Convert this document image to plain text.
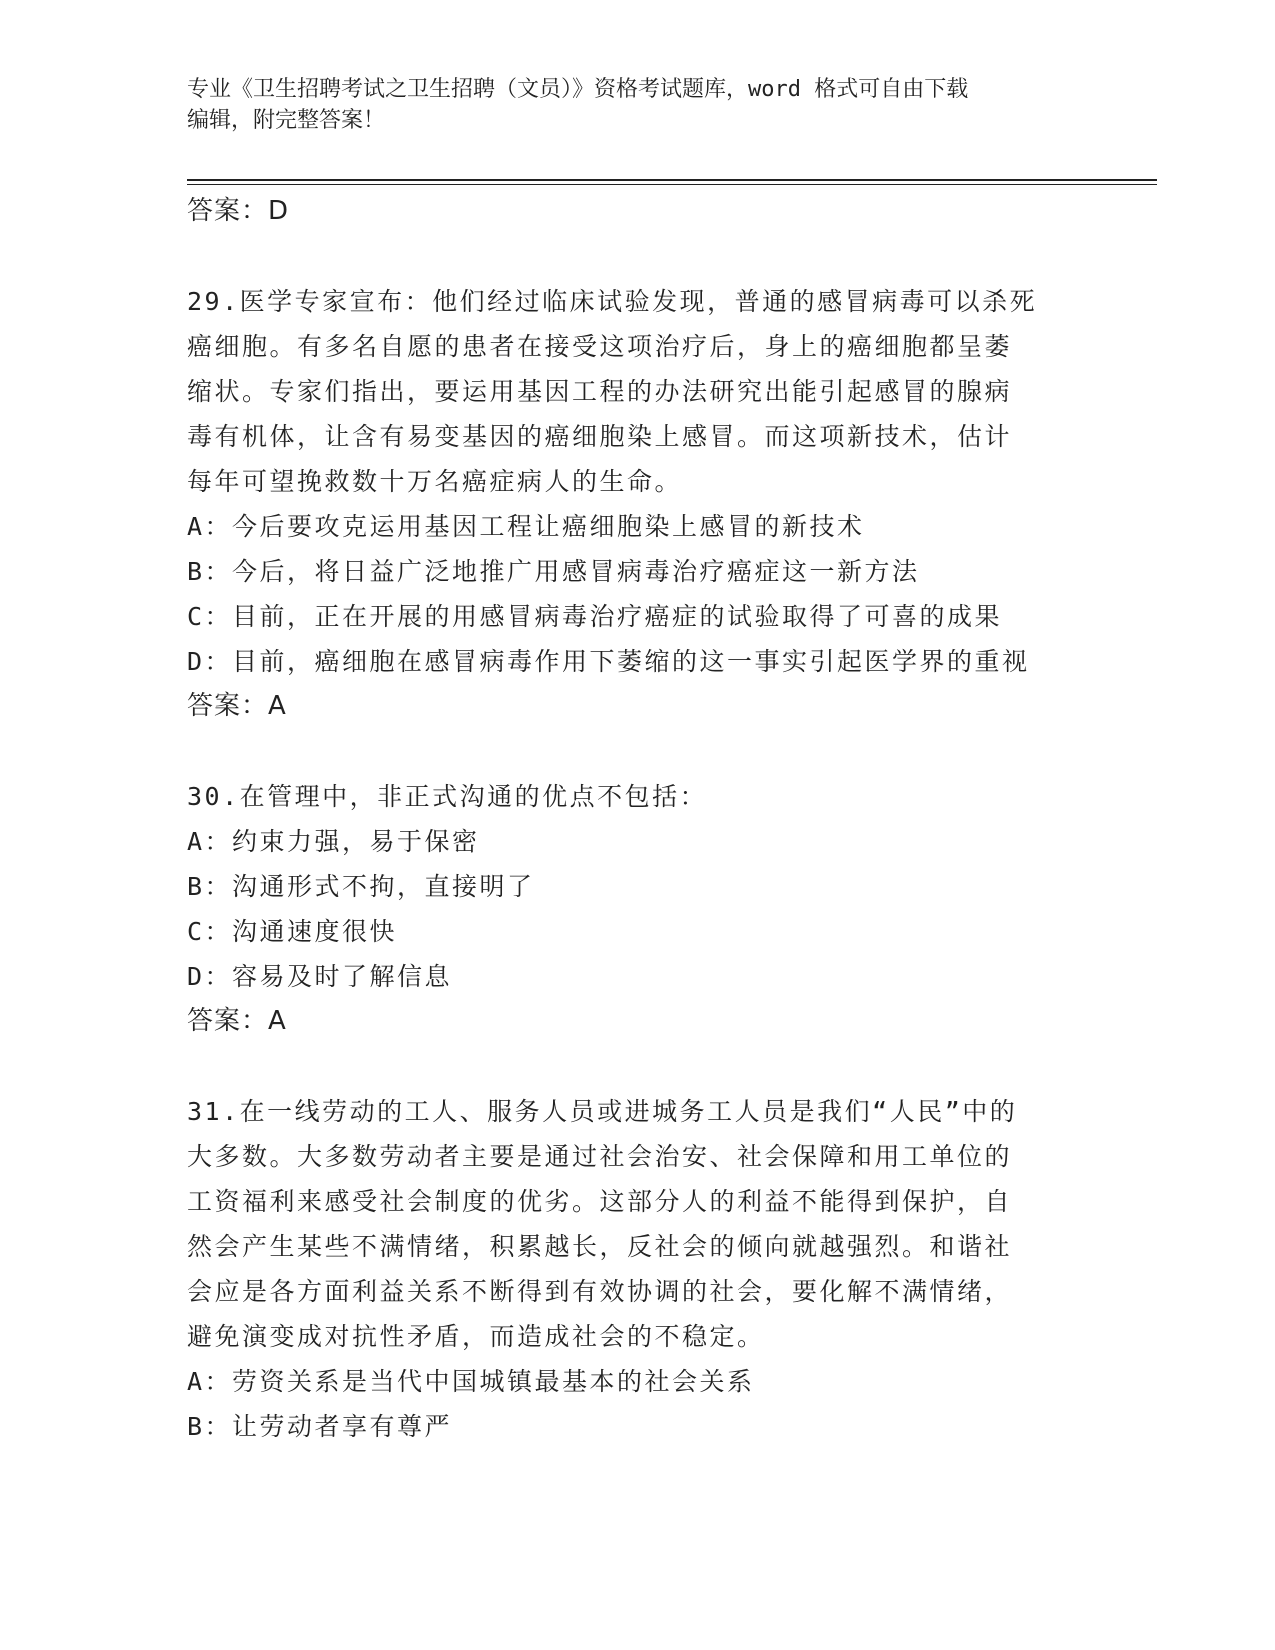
专业《卫生招聘考试之卫生招聘（文员）》资格考试题库，word 格式可自由下载
编辑，附完整答案！
答案：D
29.医学专家宣布：他们经过临床试验发现，普通的感冒病毒可以杀死
癌细胞。有多名自愿的患者在接受这项治疗后，身上的癌细胞都呈萎
缩状。专家们指出，要运用基因工程的办法研究出能引起感冒的腺病
毒有机体，让含有易变基因的癌细胞染上感冒。而这项新技术，估计
每年可望挽救数十万名癌症病人的生命。
A：今后要攻克运用基因工程让癌细胞染上感冒的新技术
B：今后，将日益广泛地推广用感冒病毒治疗癌症这一新方法
C：目前，正在开展的用感冒病毒治疗癌症的试验取得了可喜的成果
D：目前，癌细胞在感冒病毒作用下萎缩的这一事实引起医学界的重视
答案：A
30.在管理中，非正式沟通的优点不包括：
A：约束力强，易于保密
B：沟通形式不拘，直接明了
C：沟通速度很快
D：容易及时了解信息
答案：A
31.在一线劳动的工人、服务人员或进城务工人员是我们“人民”中的
大多数。大多数劳动者主要是通过社会治安、社会保障和用工单位的
工资福利来感受社会制度的优劣。这部分人的利益不能得到保护，自
然会产生某些不满情绪，积累越长，反社会的倾向就越强烈。和谐社
会应是各方面利益关系不断得到有效协调的社会，要化解不满情绪，
避免演变成对抗性矛盾，而造成社会的不稳定。
A：劳资关系是当代中国城镇最基本的社会关系
B：让劳动者享有尊严
